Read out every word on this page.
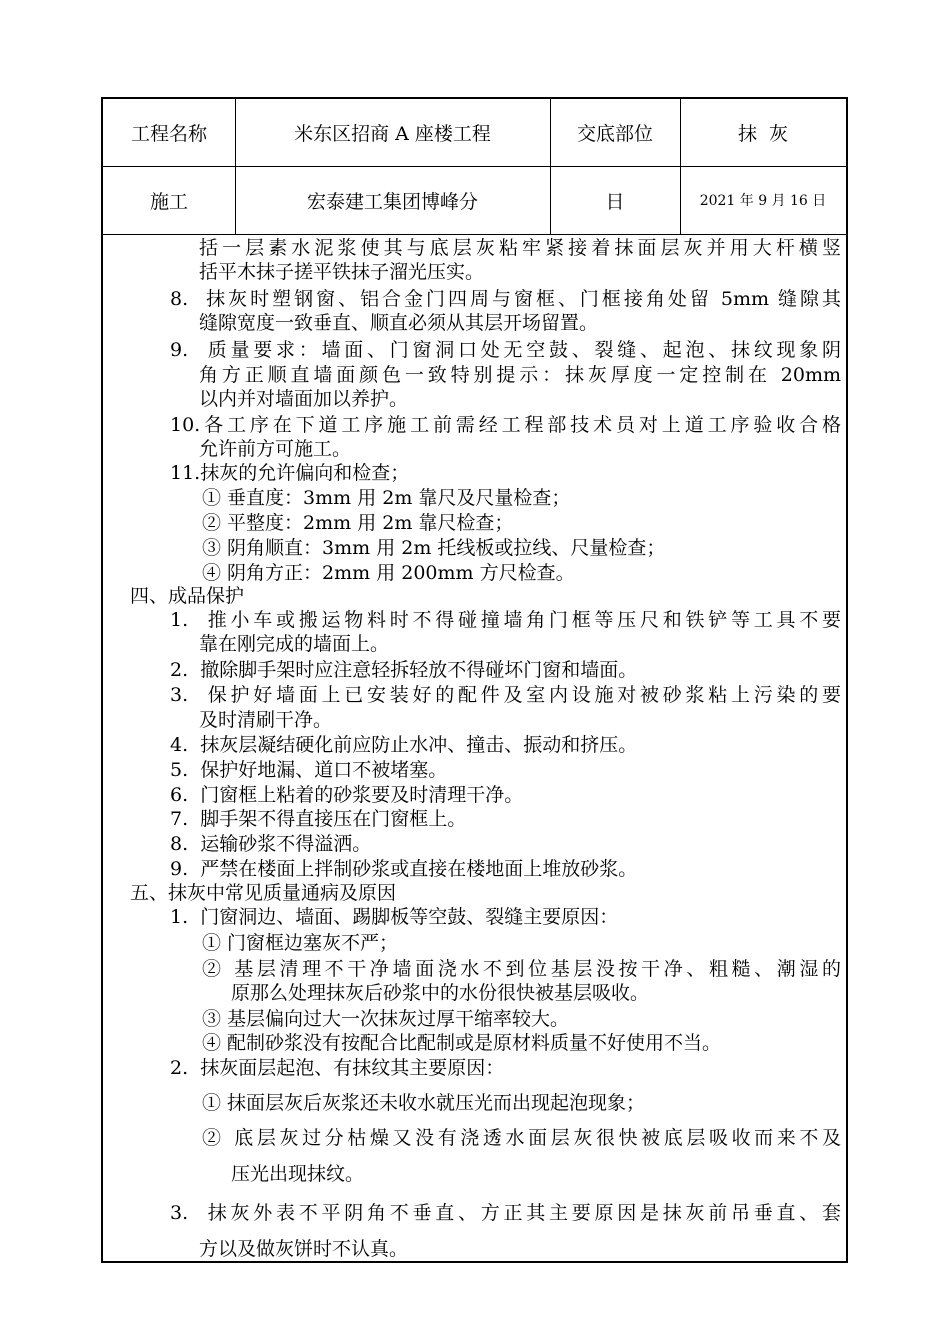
工程名称	米东区招商 A 座楼工程	交底部位	抹  灰
施工	宏泰建工集团博峰分	日	2021 年 9 月 16 日
括一层素水泥浆使其与底层灰粘牢紧接着抹面层灰并用大杆横竖
括平木抹子搓平铁抹子溜光压实。
8.  抹灰时塑钢窗、铝合金门四周与窗框、门框接角处留 5mm 缝隙其
缝隙宽度一致垂直、顺直必须从其层开场留置。
9.  质量要求：墙面、门窗洞口处无空鼓、裂缝、起泡、抹纹现象阴
角方正顺直墙面颜色一致特别提示：抹灰厚度一定控制在 20mm
以内并对墙面加以养护。
10.各工序在下道工序施工前需经工程部技术员对上道工序验收合格
允许前方可施工。
11.抹灰的允许偏向和检查；
① 垂直度：3mm 用 2m 靠尺及尺量检查；
② 平整度：2mm 用 2m 靠尺检查；
③ 阴角顺直：3mm 用 2m 托线板或拉线、尺量检查；
④ 阴角方正：2mm 用 200mm 方尺检查。
四、成品保护
1.  推小车或搬运物料时不得碰撞墙角门框等压尺和铁铲等工具不要
靠在刚完成的墙面上。
2.  撤除脚手架时应注意轻拆轻放不得碰坏门窗和墙面。
3.  保护好墙面上已安装好的配件及室内设施对被砂浆粘上污染的要
及时清刷干净。
4.  抹灰层凝结硬化前应防止水冲、撞击、振动和挤压。
5.  保护好地漏、道口不被堵塞。
6.  门窗框上粘着的砂浆要及时清理干净。
7.  脚手架不得直接压在门窗框上。
8.  运输砂浆不得溢洒。
9.  严禁在楼面上拌制砂浆或直接在楼地面上堆放砂浆。
五、抹灰中常见质量通病及原因
1.  门窗洞边、墙面、踢脚板等空鼓、裂缝主要原因：
① 门窗框边塞灰不严；
② 基层清理不干净墙面浇水不到位基层没按干净、粗糙、潮湿的
原那么处理抹灰后砂浆中的水份很快被基层吸收。
③ 基层偏向过大一次抹灰过厚干缩率较大。
④ 配制砂浆没有按配合比配制或是原材料质量不好使用不当。
2.  抹灰面层起泡、有抹纹其主要原因：
① 抹面层灰后灰浆还未收水就压光而出现起泡现象；
② 底层灰过分枯燥又没有浇透水面层灰很快被底层吸收而来不及
压光出现抹纹。
3.  抹灰外表不平阴角不垂直、方正其主要原因是抹灰前吊垂直、套
方以及做灰饼时不认真。
